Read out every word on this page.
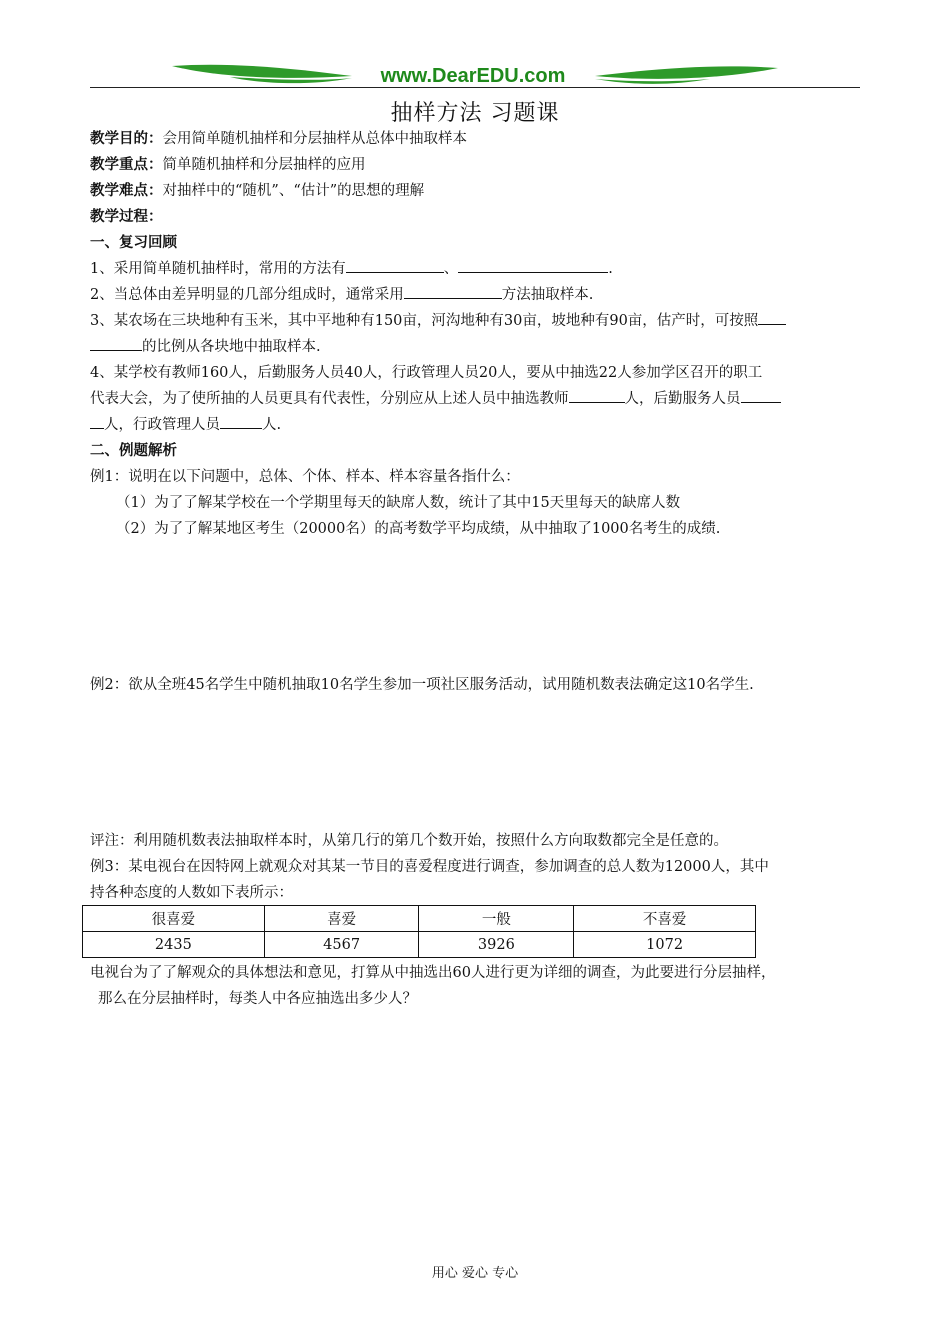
www.DearEDU.com
抽样方法 习题课
教学目的：会用简单随机抽样和分层抽样从总体中抽取样本
教学重点：简单随机抽样和分层抽样的应用
教学难点：对抽样中的“随机”、“估计”的思想的理解
教学过程：
一、复习回顾
1、采用简单随机抽样时，常用的方法有	、	.
2、当总体由差异明显的几部分组成时，通常采用	方法抽取样本.
3、某农场在三块地种有玉米，其中平地种有150亩，河沟地种有30亩，坡地种有90亩，估产时，可按照
的比例从各块地中抽取样本.
4、某学校有教师160人，后勤服务人员40人，行政管理人员20人，要从中抽选22人参加学区召开的职工
代表大会，为了使所抽的人员更具有代表性，分别应从上述人员中抽选教师	人，后勤服务人员
人，行政管理人员	人.
二、例题解析
例1：说明在以下问题中，总体、个体、样本、样本容量各指什么：
（1）为了了解某学校在一个学期里每天的缺席人数，统计了其中15天里每天的缺席人数
（2）为了了解某地区考生（20000名）的高考数学平均成绩，从中抽取了1000名考生的成绩.
例2：欲从全班45名学生中随机抽取10名学生参加一项社区服务活动，试用随机数表法确定这10名学生.
评注：利用随机数表法抽取样本时，从第几行的第几个数开始，按照什么方向取数都完全是任意的。
例3：某电视台在因特网上就观众对其某一节目的喜爱程度进行调查，参加调查的总人数为12000人，其中
持各种态度的人数如下表所示：
很喜爱	喜爱	一般	不喜爱
2435	4567	3926	1072
电视台为了了解观众的具体想法和意见，打算从中抽选出60人进行更为详细的调查，为此要进行分层抽样，
那么在分层抽样时，每类人中各应抽选出多少人？
用心 爱心 专心
